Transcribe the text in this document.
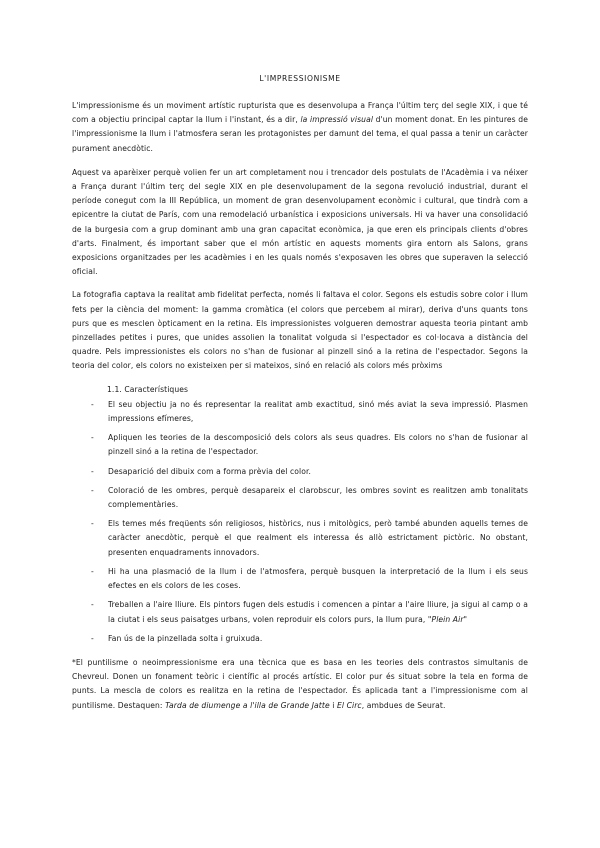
L'IMPRESSIONISME

L'impressionisme és un moviment artístic rupturista que es desenvolupa a França l'últim terç del segle XIX, i que té com a objectiu principal captar la llum i l'instant, és a dir, la impressió visual d'un moment donat. En les pintures de l'impressionisme la llum i l'atmosfera seran les protagonistes per damunt del tema, el qual passa a tenir un caràcter purament anecdòtic.

Aquest va aparèixer perquè volien fer un art completament nou i trencador dels postulats de l'Acadèmia i va néixer a França durant l'últim terç del segle XIX en ple desenvolupament de la segona revolució industrial, durant el període conegut com la III República, un moment de gran desenvolupament econòmic i cultural, que tindrà com a epicentre la ciutat de París, com una remodelació urbanística i exposicions universals. Hi va haver una consolidació de la burgesia com a grup dominant amb una gran capacitat econòmica, ja que eren els principals clients d'obres d'arts. Finalment, és important saber que el món artístic en aquests moments gira entorn als Salons, grans exposicions organitzades per les acadèmies i en les quals només s'exposaven les obres que superaven la selecció oficial.

La fotografia captava la realitat amb fidelitat perfecta, només li faltava el color. Segons els estudis sobre color i llum fets per la ciència del moment: la gamma cromàtica (el colors que percebem al mirar), deriva d'uns quants tons purs que es mesclen òpticament en la retina. Els impressionistes volgueren demostrar aquesta teoria pintant amb pinzellades petites i pures, que unides assolien la tonalitat volguda si l'espectador es col·locava a distància del quadre. Pels impressionistes els colors no s'han de fusionar al pinzell sinó a la retina de l'espectador. Segons la teoria del color, els colors no existeixen per si mateixos, sinó en relació als colors més pròxims

1.1. Característiques
- El seu objectiu ja no és representar la realitat amb exactitud, sinó més aviat la seva impressió. Plasmen impressions efímeres,
- Apliquen les teories de la descomposició dels colors als seus quadres. Els colors no s'han de fusionar al pinzell sinó a la retina de l'espectador.
- Desaparició del dibuix com a forma prèvia del color.
- Coloració de les ombres, perquè desapareix el clarobscur, les ombres sovint es realitzen amb tonalitats complementàries.
- Els temes més freqüents són religiosos, històrics, nus i mitològics, però també abunden aquells temes de caràcter anecdòtic, perquè el que realment els interessa és allò estrictament pictòric. No obstant, presenten enquadraments innovadors.
- Hi ha una plasmació de la llum i de l'atmosfera, perquè busquen la interpretació de la llum i els seus efectes en els colors de les coses.
- Treballen a l'aire lliure. Els pintors fugen dels estudis i comencen a pintar a l'aire lliure, ja sigui al camp o a la ciutat i els seus paisatges urbans, volen reproduir els colors purs, la llum pura, "Plein Air"
- Fan ús de la pinzellada solta i gruixuda.

*El puntilisme o neoimpressionisme era una tècnica que es basa en les teories dels contrastos simultanis de Chevreul. Donen un fonament teòric i científic al procés artístic. El color pur és situat sobre la tela en forma de punts. La mescla de colors es realitza en la retina de l'espectador. És aplicada tant a l'impressionisme com al puntilisme. Destaquen: Tarda de diumenge a l'illa de Grande Jatte i El Circ, ambdues de Seurat.
